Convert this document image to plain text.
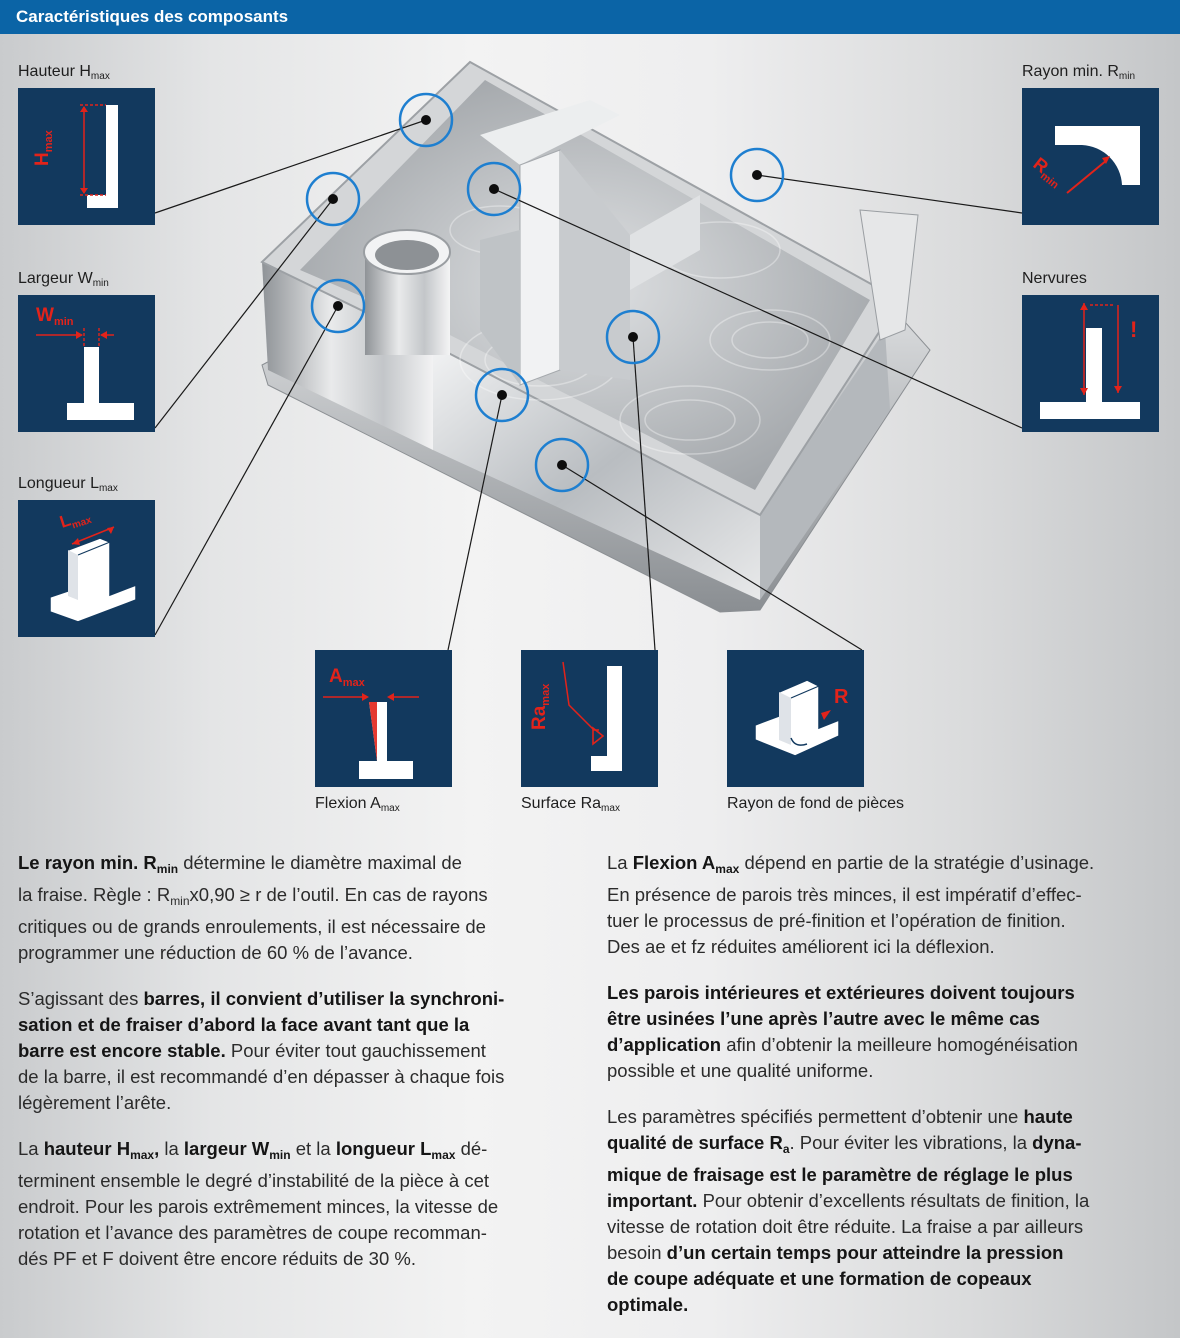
Caractéristiques des composants
Hauteur $H_{max}$
Largeur $W_{min}$
Longueur $L_{max}$
Rayon min. $R_{min}$
Nervures
Flexion $A_{max}$	Surface $Ra_{max}$	Rayon de fond de pièces
$H_{max}$
$W_{min}$
$L_{max}$
$R_{min}$
!
$A_{max}$
$Ra_{max}$	R

Le rayon min. $R_{min}$ détermine le diamètre maximal de
la fraise. Règle : $R_{min}x0,90 \ge r$ de l’outil. En cas de rayons
critiques ou de grands enroulements, il est nécessaire de
programmer une réduction de 60 % de l’avance.

S’agissant des barres, il convient d’utiliser la synchroni-
sation et de fraiser d’abord la face avant tant que la
barre est encore stable. Pour éviter tout gauchissement
de la barre, il est recommandé d’en dépasser à chaque fois
légèrement l’arête.

La hauteur $H_{max}$, la largeur $W_{min}$ et la longueur $L_{max}$ dé-
terminent ensemble le degré d’instabilité de la pièce à cet
endroit. Pour les parois extrêmement minces, la vitesse de
rotation et l’avance des paramètres de coupe recomman-
dés PF et F doivent être encore réduits de 30 %.

La Flexion $A_{max}$ dépend en partie de la stratégie d’usinage.
En présence de parois très minces, il est impératif d’effec-
tuer le processus de pré-finition et l’opération de finition.
Des ae et fz réduites améliorent ici la déflexion.

Les parois intérieures et extérieures doivent toujours
être usinées l’une après l’autre avec le même cas
d’application afin d’obtenir la meilleure homogénéisation
possible et une qualité uniforme.

Les paramètres spécifiés permettent d’obtenir une haute
qualité de surface $R_a$. Pour éviter les vibrations, la dyna-
mique de fraisage est le paramètre de réglage le plus
important. Pour obtenir d’excellents résultats de finition, la
vitesse de rotation doit être réduite. La fraise a par ailleurs
besoin d’un certain temps pour atteindre la pression
de coupe adéquate et une formation de copeaux
optimale.
